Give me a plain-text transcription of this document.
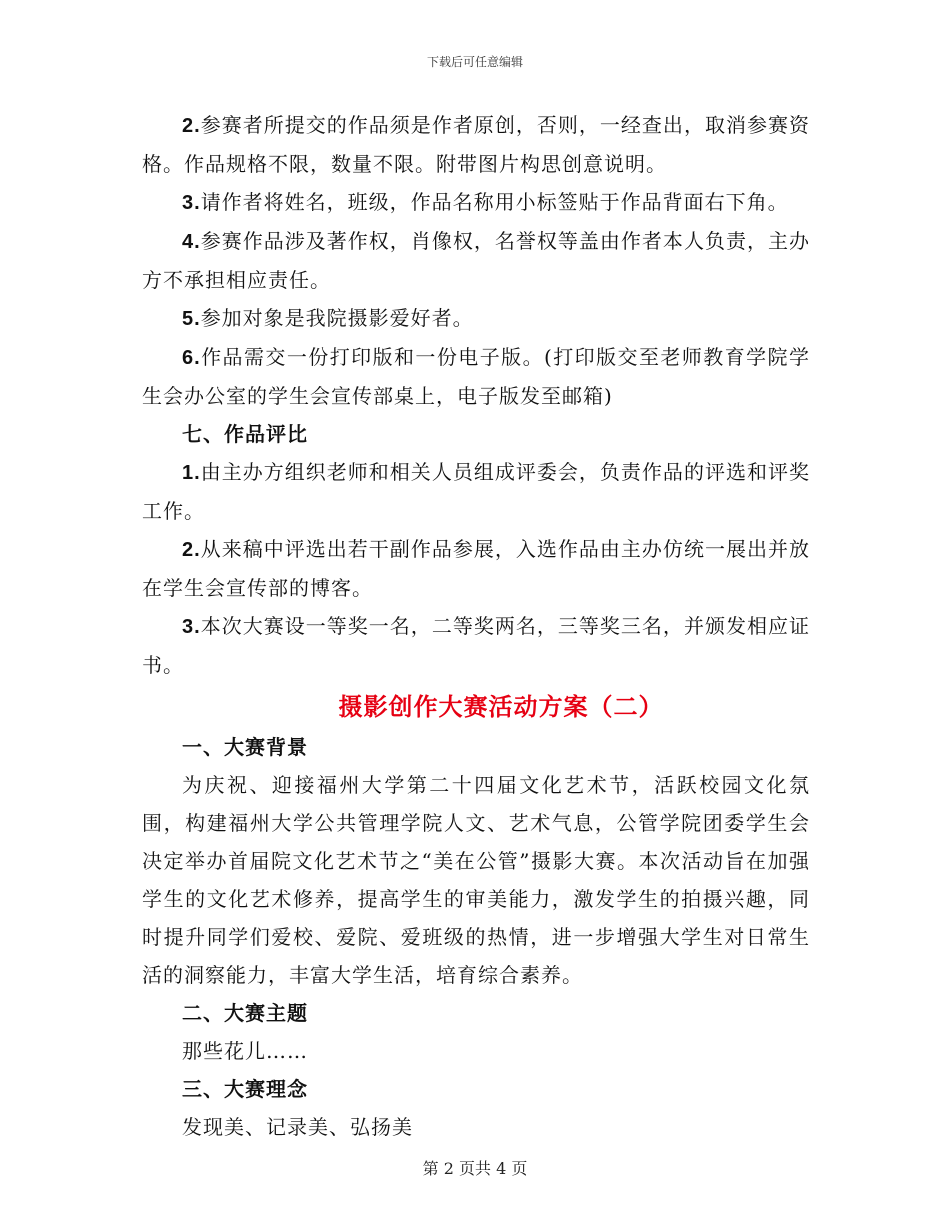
下载后可任意编辑

2.参赛者所提交的作品须是作者原创，否则，一经查出，取消参赛资格。作品规格不限，数量不限。附带图片构思创意说明。

3.请作者将姓名，班级，作品名称用小标签贴于作品背面右下角。

4.参赛作品涉及著作权，肖像权，名誉权等盖由作者本人负责，主办方不承担相应责任。

5.参加对象是我院摄影爱好者。

6.作品需交一份打印版和一份电子版。(打印版交至老师教育学院学生会办公室的学生会宣传部桌上，电子版发至邮箱)

七、作品评比

1.由主办方组织老师和相关人员组成评委会，负责作品的评选和评奖工作。

2.从来稿中评选出若干副作品参展，入选作品由主办仿统一展出并放在学生会宣传部的博客。

3.本次大赛设一等奖一名，二等奖两名，三等奖三名，并颁发相应证书。

摄影创作大赛活动方案（二）

一、大赛背景

为庆祝、迎接福州大学第二十四届文化艺术节，活跃校园文化氛围，构建福州大学公共管理学院人文、艺术气息，公管学院团委学生会决定举办首届院文化艺术节之“美在公管”摄影大赛。本次活动旨在加强学生的文化艺术修养，提高学生的审美能力，激发学生的拍摄兴趣，同时提升同学们爱校、爱院、爱班级的热情，进一步增强大学生对日常生活的洞察能力，丰富大学生活，培育综合素养。

二、大赛主题

那些花儿……

三、大赛理念

发现美、记录美、弘扬美

第 2 页共 4 页
